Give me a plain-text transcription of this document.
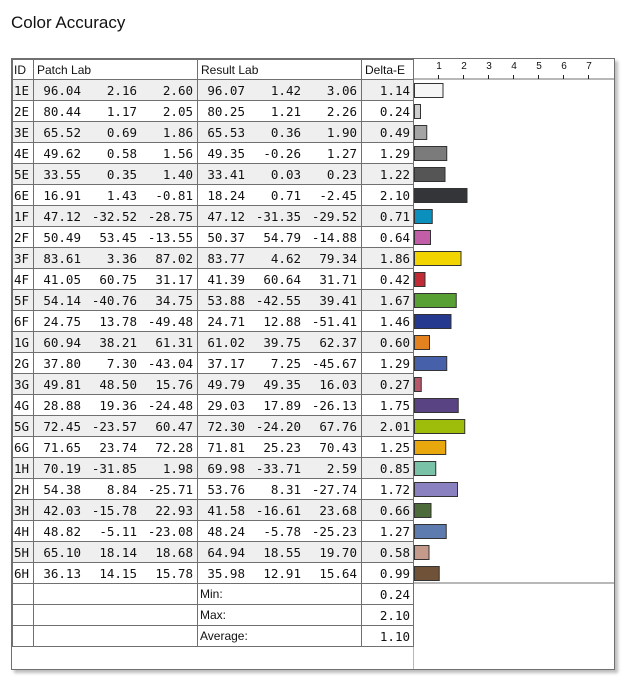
Color Accuracy
ID	Patch Lab	Result Lab	Delta-E
1E	96.04 2.16 2.60	96.07 1.42 3.06	1.14
2E	80.44 1.17 2.05	80.25 1.21 2.26	0.24
3E	65.52 0.69 1.86	65.53 0.36 1.90	0.49
4E	49.62 0.58 1.56	49.35 -0.26 1.27	1.29
5E	33.55 0.35 1.40	33.41 0.03 0.23	1.22
6E	16.91 1.43 -0.81	18.24 0.71 -2.45	2.10
1F	47.12 -32.52 -28.75	47.12 -31.35 -29.52	0.71
2F	50.49 53.45 -13.55	50.37 54.79 -14.88	0.64
3F	83.61 3.36 87.02	83.77 4.62 79.34	1.86
4F	41.05 60.75 31.17	41.39 60.64 31.71	0.42
5F	54.14 -40.76 34.75	53.88 -42.55 39.41	1.67
6F	24.75 13.78 -49.48	24.71 12.88 -51.41	1.46
1G	60.94 38.21 61.31	61.02 39.75 62.37	0.60
2G	37.80 7.30 -43.04	37.17 7.25 -45.67	1.29
3G	49.81 48.50 15.76	49.79 49.35 16.03	0.27
4G	28.88 19.36 -24.48	29.03 17.89 -26.13	1.75
5G	72.45 -23.57 60.47	72.30 -24.20 67.76	2.01
6G	71.65 23.74 72.28	71.81 25.23 70.43	1.25
1H	70.19 -31.85 1.98	69.98 -33.71 2.59	0.85
2H	54.38 8.84 -25.71	53.76 8.31 -27.74	1.72
3H	42.03 -15.78 22.93	41.58 -16.61 23.68	0.66
4H	48.82 -5.11 -23.08	48.24 -5.78 -25.23	1.27
5H	65.10 18.14 18.68	64.94 18.55 19.70	0.58
6H	36.13 14.15 15.78	35.98 12.91 15.64	0.99
		Min:	0.24
		Max:	2.10
		Average:	1.10
1 2 3 4 5 6 7
